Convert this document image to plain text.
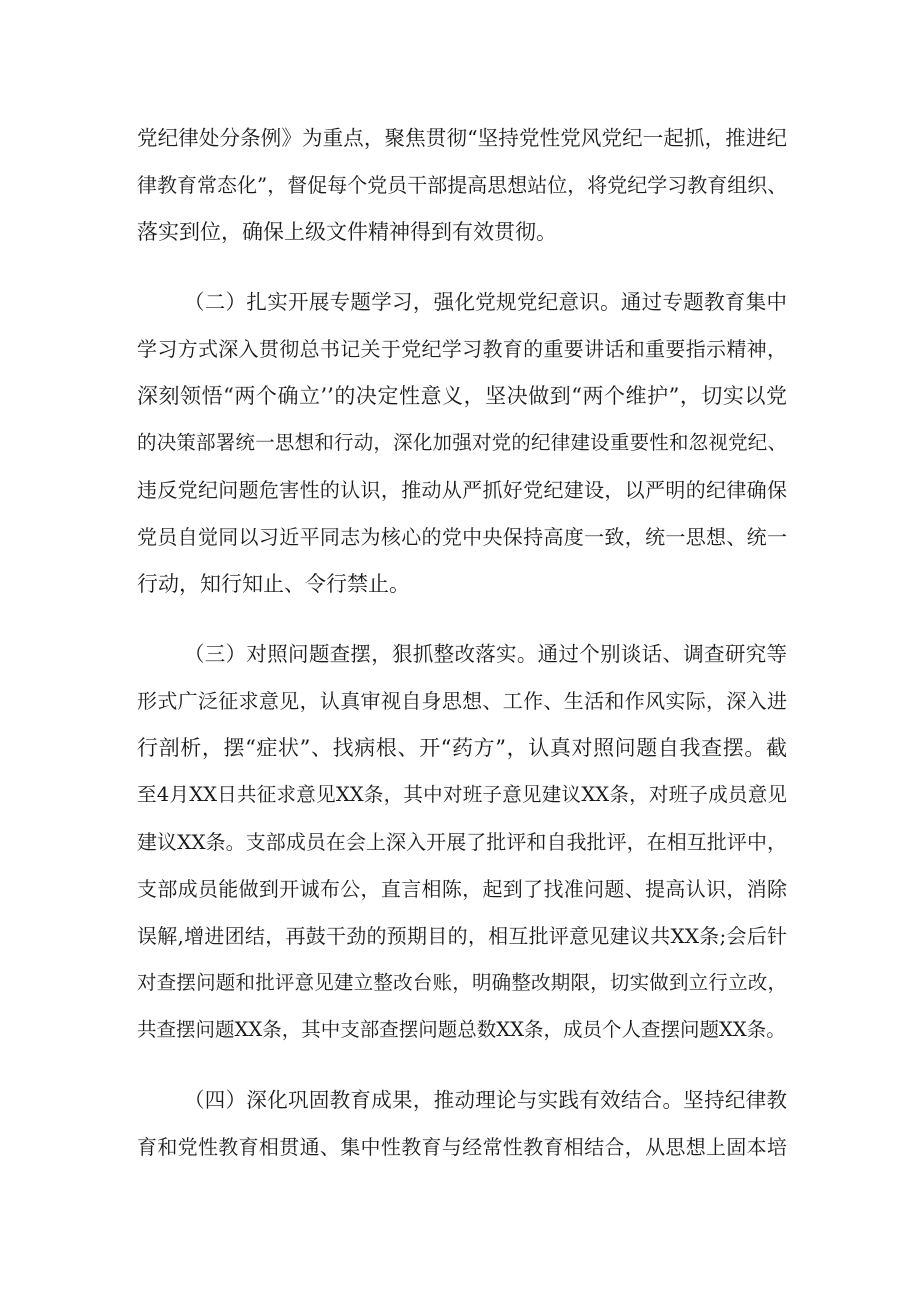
党纪律处分条例》为重点，聚焦贯彻“坚持党性党风党纪一起抓，推进纪
律教育常态化”，督促每个党员干部提高思想站位，将党纪学习教育组织、
落实到位，确保上级文件精神得到有效贯彻。
（二）扎实开展专题学习，强化党规党纪意识。通过专题教育集中
学习方式深入贯彻总书记关于党纪学习教育的重要讲话和重要指示精神，
深刻领悟“两个确立’’的决定性意义，坚决做到“两个维护”，切实以党
的决策部署统一思想和行动，深化加强对党的纪律建设重要性和忽视党纪、
违反党纪问题危害性的认识，推动从严抓好党纪建设，以严明的纪律确保
党员自觉同以习近平同志为核心的党中央保持高度一致，统一思想、统一
行动，知行知止、令行禁止。
（三）对照问题查摆，狠抓整改落实。通过个别谈话、调查研究等
形式广泛征求意见，认真审视自身思想、工作、生活和作风实际，深入进
行剖析，摆“症状”、找病根、开“药方”，认真对照问题自我查摆。截
至4月XX日共征求意见XX条，其中对班子意见建议XX条，对班子成员意见
建议XX条。支部成员在会上深入开展了批评和自我批评，在相互批评中，
支部成员能做到开诚布公，直言相陈，起到了找准问题、提高认识，消除
误解,增进团结，再鼓干劲的预期目的，相互批评意见建议共XX条;会后针
对查摆问题和批评意见建立整改台账，明确整改期限，切实做到立行立改，
共查摆问题XX条，其中支部查摆问题总数XX条，成员个人查摆问题XX条。
（四）深化巩固教育成果，推动理论与实践有效结合。坚持纪律教
育和党性教育相贯通、集中性教育与经常性教育相结合，从思想上固本培
